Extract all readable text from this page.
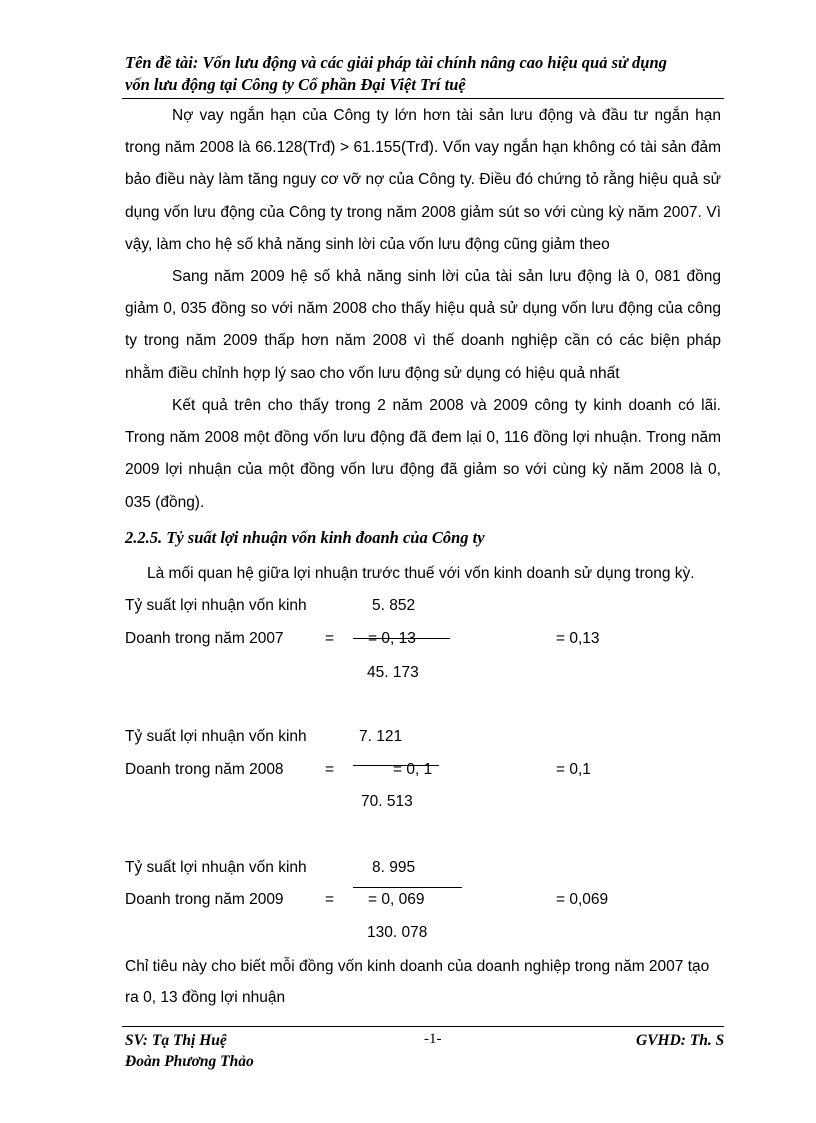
Tên đề tài: Vốn lưu động và các giải pháp tài chính nâng cao hiệu quả sử dụng
vốn lưu động tại Công ty Cổ phần Đại Việt Trí tuệ
Nợ vay ngắn hạn của Công ty lớn hơn tài sản lưu động và đầu tư ngắn hạn trong năm 2008 là 66.128(Trđ) > 61.155(Trđ). Vốn vay ngắn hạn không có tài sản đảm bảo điều này làm tăng nguy cơ vỡ nợ của Công ty. Điều đó chứng tỏ rằng hiệu quả sử dụng vốn lưu động của Công ty trong năm 2008 giảm sút so với cùng kỳ năm 2007. Vì vậy, làm cho hệ số khả năng sinh lời của vốn lưu động cũng giảm theo
Sang năm 2009 hệ số khả năng sinh lời của tài sản lưu động là 0, 081 đồng giảm 0, 035 đồng so với năm 2008 cho thấy hiệu quả sử dụng vốn lưu động của công ty trong năm 2009 thấp hơn năm 2008 vì thế doanh nghiệp cần có các biện pháp nhằm điều chỉnh hợp lý sao cho vốn lưu động sử dụng có hiệu quả nhất
Kết quả trên cho thấy trong 2 năm 2008 và 2009 công ty kinh doanh có lãi. Trong năm 2008 một đồng vốn lưu động đã đem lại 0, 116 đồng lợi nhuận. Trong năm 2009 lợi nhuận của một đồng vốn lưu động đã giảm so với cùng kỳ năm 2008 là 0, 035 (đồng).
2.2.5. Tỷ suất lợi nhuận vốn kinh đoanh của Công ty
Là mối quan hệ giữa lợi nhuận trước thuế với vốn kinh doanh sử dụng trong kỳ.
Tỷ suất lợi nhuận vốn kinh	5. 852
Doanh trong năm 2007	= = 0, 13	= 0,13
45. 173
Tỷ suất lợi nhuận vốn kinh	7. 121
Doanh trong năm 2008	=	= 0, 1	= 0,1
70. 513
Tỷ suất lợi nhuận vốn kinh	8. 995
Doanh trong năm 2009	= = 0, 069	= 0,069
130. 078
Chỉ tiêu này cho biết mỗi đồng vốn kinh doanh của doanh nghiệp trong năm 2007 tạo
ra 0, 13 đồng lợi nhuận
SV: Tạ Thị Huệ
Đoàn Phương Thảo
-1-	GVHD: Th. S
